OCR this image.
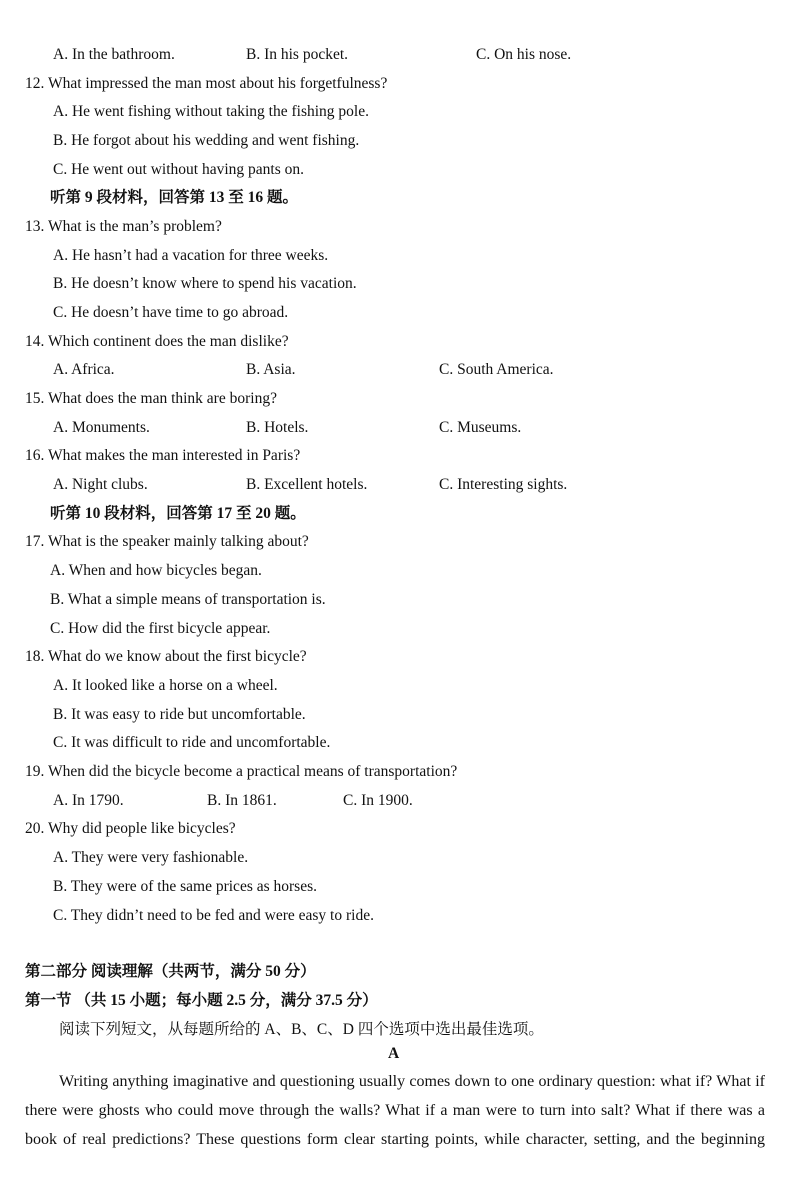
A. In the bathroom.	B. In his pocket.	C. On his nose.
12. What impressed the man most about his forgetfulness?
A. He went fishing without taking the fishing pole.
B. He forgot about his wedding and went fishing.
C. He went out without having pants on.
听第 9 段材料，回答第 13 至 16 题。
13. What is the man’s problem?
A. He hasn’t had a vacation for three weeks.
B. He doesn’t know where to spend his vacation.
C. He doesn’t have time to go abroad.
14. Which continent does the man dislike?
A. Africa.	B. Asia.	C. South America.
15. What does the man think are boring?
A. Monuments.	B. Hotels.	C. Museums.
16. What makes the man interested in Paris?
A. Night clubs.	B. Excellent hotels.	C. Interesting sights.
听第 10 段材料，回答第 17 至 20 题。
17. What is the speaker mainly talking about?
A. When and how bicycles began.
B. What a simple means of transportation is.
C. How did the first bicycle appear.
18. What do we know about the first bicycle?
A. It looked like a horse on a wheel.
B. It was easy to ride but uncomfortable.
C. It was difficult to ride and uncomfortable.
19. When did the bicycle become a practical means of transportation?
A. In 1790.	B. In 1861.	C. In 1900.
20. Why did people like bicycles?
A. They were very fashionable.
B. They were of the same prices as horses.
C. They didn’t need to be fed and were easy to ride.
第二部分 阅读理解（共两节，满分 50 分）
第一节 （共 15 小题；每小题 2.5 分，满分 37.5 分）
阅读下列短文，从每题所给的 A、B、C、D 四个选项中选出最佳选项。
A
Writing anything imaginative and questioning usually comes down to one ordinary question: what if? What if
there were ghosts who could move through the walls? What if a man were to turn into salt? What if there was a
book of real predictions? These questions form clear starting points, while character, setting, and the beginning
